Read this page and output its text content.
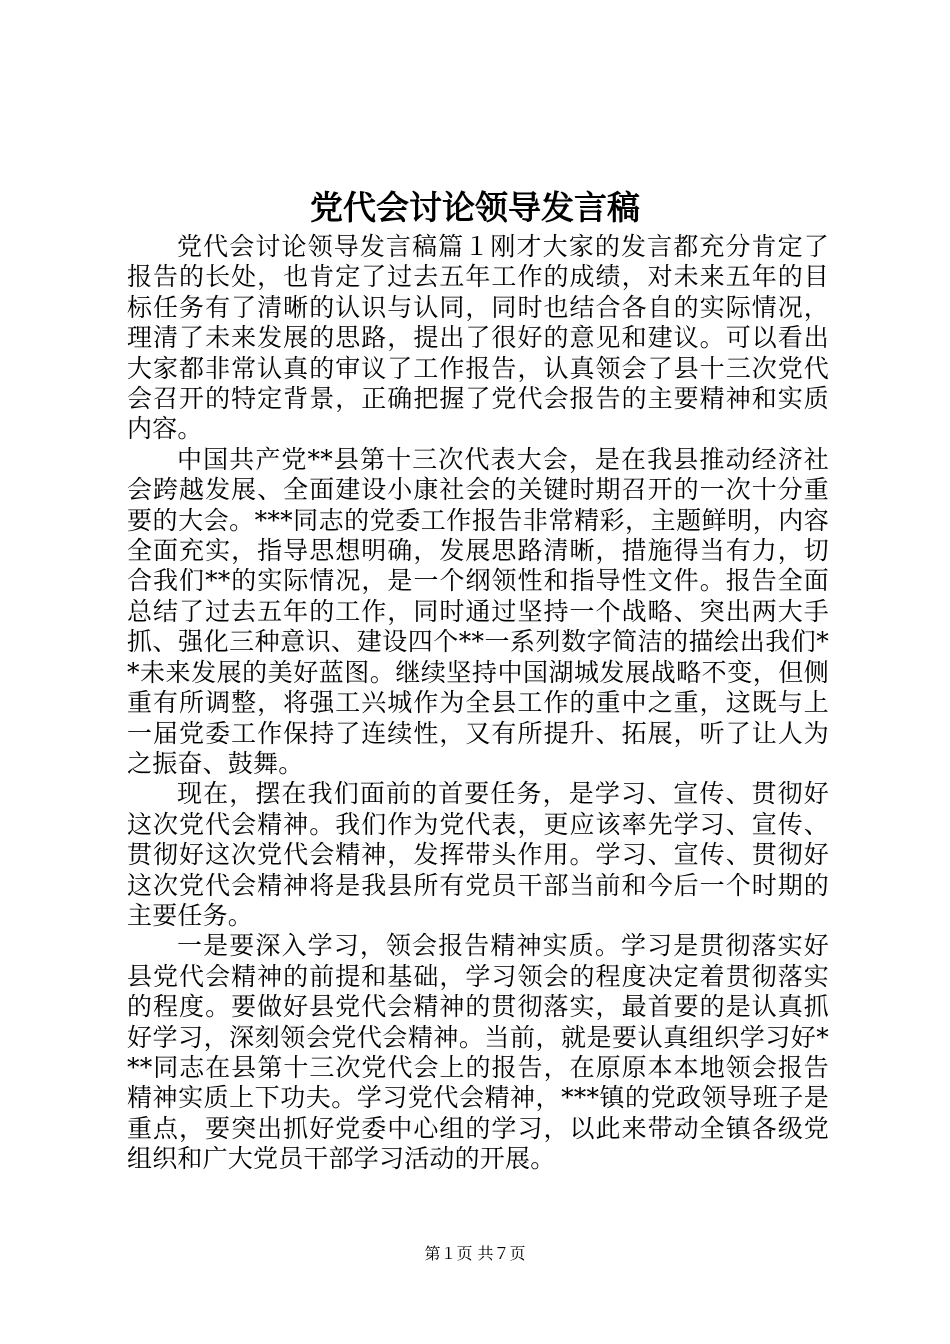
党代会讨论领导发言稿

党代会讨论领导发言稿篇１刚才大家的发言都充分肯定了报告的长处，也肯定了过去五年工作的成绩，对未来五年的目标任务有了清晰的认识与认同，同时也结合各自的实际情况，理清了未来发展的思路，提出了很好的意见和建议。可以看出大家都非常认真的审议了工作报告，认真领会了县十三次党代会召开的特定背景，正确把握了党代会报告的主要精神和实质内容。

中国共产党**县第十三次代表大会，是在我县推动经济社会跨越发展、全面建设小康社会的关键时期召开的一次十分重要的大会。***同志的党委工作报告非常精彩，主题鲜明，内容全面充实，指导思想明确，发展思路清晰，措施得当有力，切合我们**的实际情况，是一个纲领性和指导性文件。报告全面总结了过去五年的工作，同时通过坚持一个战略、突出两大手抓、强化三种意识、建设四个**一系列数字简洁的描绘出我们**未来发展的美好蓝图。继续坚持中国湖城发展战略不变，但侧重有所调整，将强工兴城作为全县工作的重中之重，这既与上一届党委工作保持了连续性，又有所提升、拓展，听了让人为之振奋、鼓舞。

现在，摆在我们面前的首要任务，是学习、宣传、贯彻好这次党代会精神。我们作为党代表，更应该率先学习、宣传、贯彻好这次党代会精神，发挥带头作用。学习、宣传、贯彻好这次党代会精神将是我县所有党员干部当前和今后一个时期的主要任务。

一是要深入学习，领会报告精神实质。学习是贯彻落实好县党代会精神的前提和基础，学习领会的程度决定着贯彻落实的程度。要做好县党代会精神的贯彻落实，最首要的是认真抓好学习，深刻领会党代会精神。当前，就是要认真组织学习好***同志在县第十三次党代会上的报告，在原原本本地领会报告精神实质上下功夫。学习党代会精神，***镇的党政领导班子是重点，要突出抓好党委中心组的学习，以此来带动全镇各级党组织和广大党员干部学习活动的开展。

第１页 共７页
